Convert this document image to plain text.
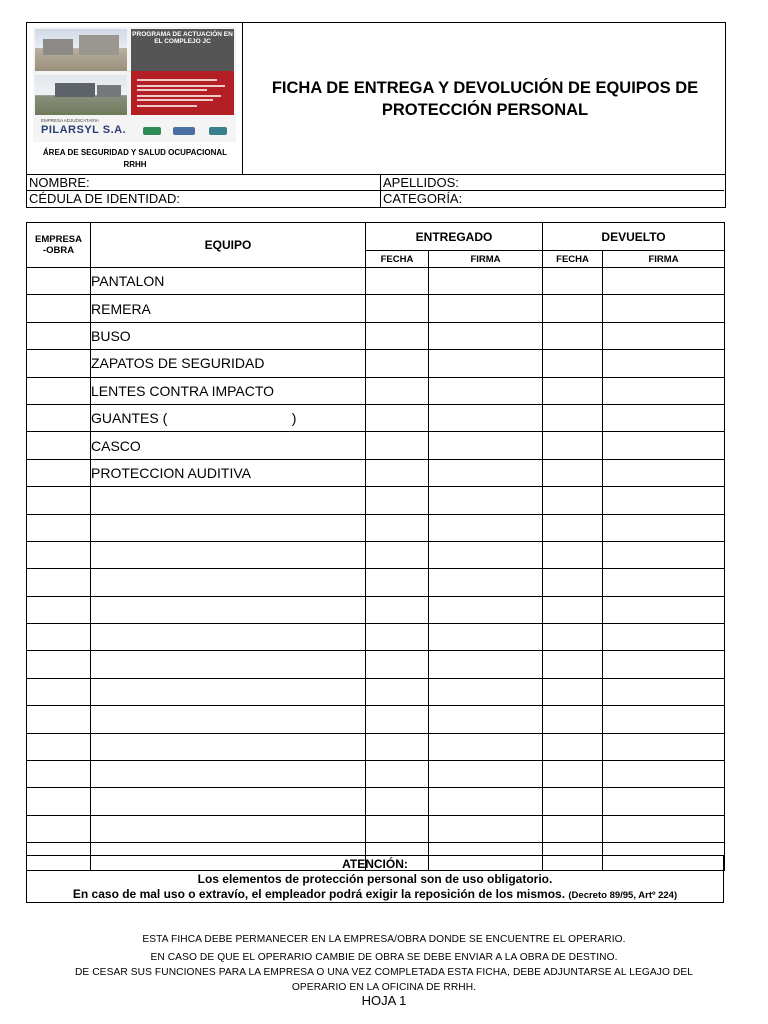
PROGRAMA DE ACTUACIÓN EN EL COMPLEJO JC
EMPRESA ADJUDICATARIA
PILARSYL S.A.
ÁREA DE SEGURIDAD Y SALUD OCUPACIONAL
RRHH
FICHA DE ENTREGA Y DEVOLUCIÓN DE EQUIPOS DE
PROTECCIÓN PERSONAL
NOMBRE:	APELLIDOS:
CÉDULA DE IDENTIDAD:	CATEGORÍA:
EMPRESA
-OBRA	EQUIPO	ENTREGADO		DEVUELTO	
		FECHA	FIRMA	FECHA	FIRMA
	PANTALON				
	REMERA				
	BUSO				
	ZAPATOS DE SEGURIDAD				
	LENTES CONTRA IMPACTO				
	GUANTES (                                )				
	CASCO				
	PROTECCION AUDITIVA				

ATENCIÓN:
Los elementos de protección personal son de uso obligatorio.
En caso de mal uso o extravío, el empleador podrá exigir la reposición de los mismos. (Decreto 89/95, Artº 224)
ESTA FIHCA DEBE PERMANECER EN LA EMPRESA/OBRA DONDE SE ENCUENTRE EL OPERARIO.
EN CASO DE QUE EL OPERARIO CAMBIE DE OBRA SE DEBE ENVIAR A LA OBRA DE DESTINO.
DE CESAR SUS FUNCIONES PARA LA EMPRESA O UNA VEZ COMPLETADA ESTA FICHA, DEBE ADJUNTARSE AL LEGAJO DEL
OPERARIO EN LA OFICINA DE RRHH.
HOJA 1
